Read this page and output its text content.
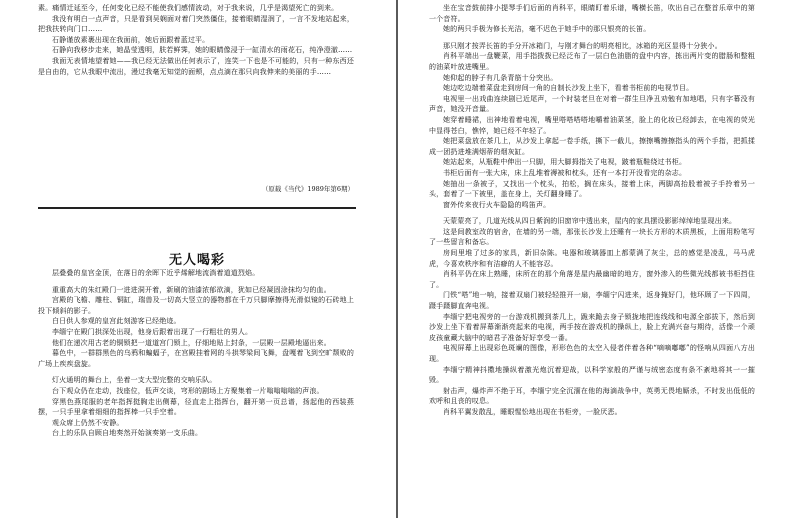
素。痛情迁延至今，任何变化已经不能使我们感情波动，对于我来说，几乎是渴望死亡的到来。

我没有明白一点声音，只是看到吴娴面对着门突然僵住，接着眼睛湿润了，一言不发地站起来，把我扶转向门口……

石静谨放素裹出现在我面前，她后面跟着蓝过平。

石静向我移步走来，她晶莹透明，肤若鲜霁，她的眼睛像浸于一缸清水的雨花石，纯净澄澈……

我面无表情地望着她——我已经无法做出任何表示了，连笑一下也是不可能的，只有一种东西还是自由的，它从我眼中流出，漫过我毫无知觉的面颊，点点滴在那只向我伸来的美丽的手……

（原载《当代》1989年第6期）
无人喝彩

层叠叠的皇宫金顶，在落日的余晖下近乎烯解地流淌着道道烈焰。

重重高大的朱红殿门一进进洞开着，新刷的油漆浓郁欲滴，犹如已经凝固涂抹均匀的血。

宫殿的飞檐、雕柱、铜缸，瑞兽及一切高大竖立的器物都在千万只脚摩擦得光滑似镜的石砖地上投下倾斜的影子。

白日供人参观的皇宫此刻游客已经绝迹。

李缅宁在殿门拱深处出现，他身后跟着出现了一行粗壮的男人。

他们在递次用古老的铜锁把一道道宫门锁上，仔细地贴上封条，一层殿一层殿地逼出来。

暮色中，一群群黑色的乌鸦和蝙蝠子，在宫殿挂着网的斗拱琴梁间飞舞，盘嘎着飞到空旷颓败的广场上疾疾盘旋。

灯火通明的舞台上，坐着一支大型完整的交响乐队。

台下观众仍在走动，找座位，低声交谈，穹形的剧场上方聚集着一片嗡嗡嗡嗡的声浪。

穿黑色燕尾服的老年指挥挺胸走出侧幕，径直走上指挥台，翻开第一页总谱，扬起他的西装燕摆，一只手里拿着细细的指挥棒一只手空着。

观众席上仍然不安静。

台上的乐队自顾自地奏然开始演奏第一支乐曲。

坐在宝音鼓前排小提琴手们后面的肖科平，眼睛盯着乐谱，嘴横长笛，吹出自己在整首乐章中的第一个音符。

她的两只手极为修长光洁，毫不迟色于她手中的那只银亮的长笛。

那只刚才按弄长笛的手分开冰箱门，与刚才舞台的明亮相比，冰箱的光区显得十分狭小。

肖科平端出一盘鞭菜，用手指拨拨已经泛布了一层白色油脂的盘中内容，拣出两片变的腊肠和整粗的油菜叶放进嘴里。

她仰起的脖子有几条青筋十分突出。

她边吃边端着菜盘走到房间一角的自制长沙发上坐下，看着书柜前的电视节目。

电视里一出戏曲连续剧已近尾声，一个时装老旦在对着一群生旦净丑劝勉有加地唱，只有字幕没有声音，她没开音量。

她穿着睡裙，出神地看着电视，嘴里嗒嗒嗒嗒地嚼着油菜茎，脸上的化妆已经卸去，在电视的荧光中显得苍白，憔悴，她已经不年轻了。

她把菜盘放在茶几上，从沙发上拿起一卷手纸，撕下一截儿，擦擦嘴擦擦指头的两个手指，把抓揉成一团扔进堆满烟蒂的烟灰缸。

她站起来，从瓶鞋中伸出一只脚，用大脚拇指关了电视，跛着瓶鞋绕过书柜。

书柜后面有一张大床，床上乱堆着褥被和枕头，还有一本打开没看完的杂志。

她抽出一条被子，又找出一个枕头，拍松，搁在床头，接着上床，两脚高抬股着被子手拎着另一头，套着了一下被里，盖在身上，关灯翻身睡了。

窗外传来夜行火车隐隐的鸣笛声。

天蒙蒙亮了，几道光线从四日紫润的旧窗帘中透出来，屋内的家具摆设影影绰绰地显现出来。

这是间教室改的宿舍，在墙的另一端，那张长沙发上还睡有一块长方形的木质黑板，上面用粉笔写了一些留言和备忘。

房间里堆了过多的家具，新旧杂陈。电器和玻璃器皿上都蒙满了灰尘，总的感觉是凌乱，马马虎虎，今喜欢秩序和有洁癖的人不能容忍。

肖科平仍在床上熟睡，床所在的那个角落是屋内最幽暗的地方，窗外渗入的些微光线都被书柜挡住了。

门铁“嗒”地一响，接着双扇门被轻轻推开一扇，李缅宁闪进来，返身掩好门，他环顾了一下四周，蹑手蹑脚直奔电视。

李缅宁把电视旁的一台游戏机搬到茶几上，跪来跪去身子锁拢地把连线线和电源全部拔下，然后到沙发上坐下看着屏幕渐渐亮起来的电视，两手按在游戏机的操纵上，脸上充满兴奋与期待，活像一个顽皮孩童藏大脑中的暗君子准备好好享受一番。

电视屏幕上出现彩色斑斓的图像，形形色色的太空入侵者伴着各种“嘀嘀嘟嘟”的怪响从四面八方出现。

李缅宁精神抖擞地操纵着激光炮沉着迎战，以科学家般的严谨与绒密态度有条不紊地将其一一摧毁。

射击声，爆炸声不绝于耳，李缅宁完全沉湎在他的海滴战争中，英勇无畏地厮杀，不时发出低低的欢呼和且丧的叹息。

肖科平翼发散乱，睡眼惺忪地出现在书柜旁，一脸厌恶。
